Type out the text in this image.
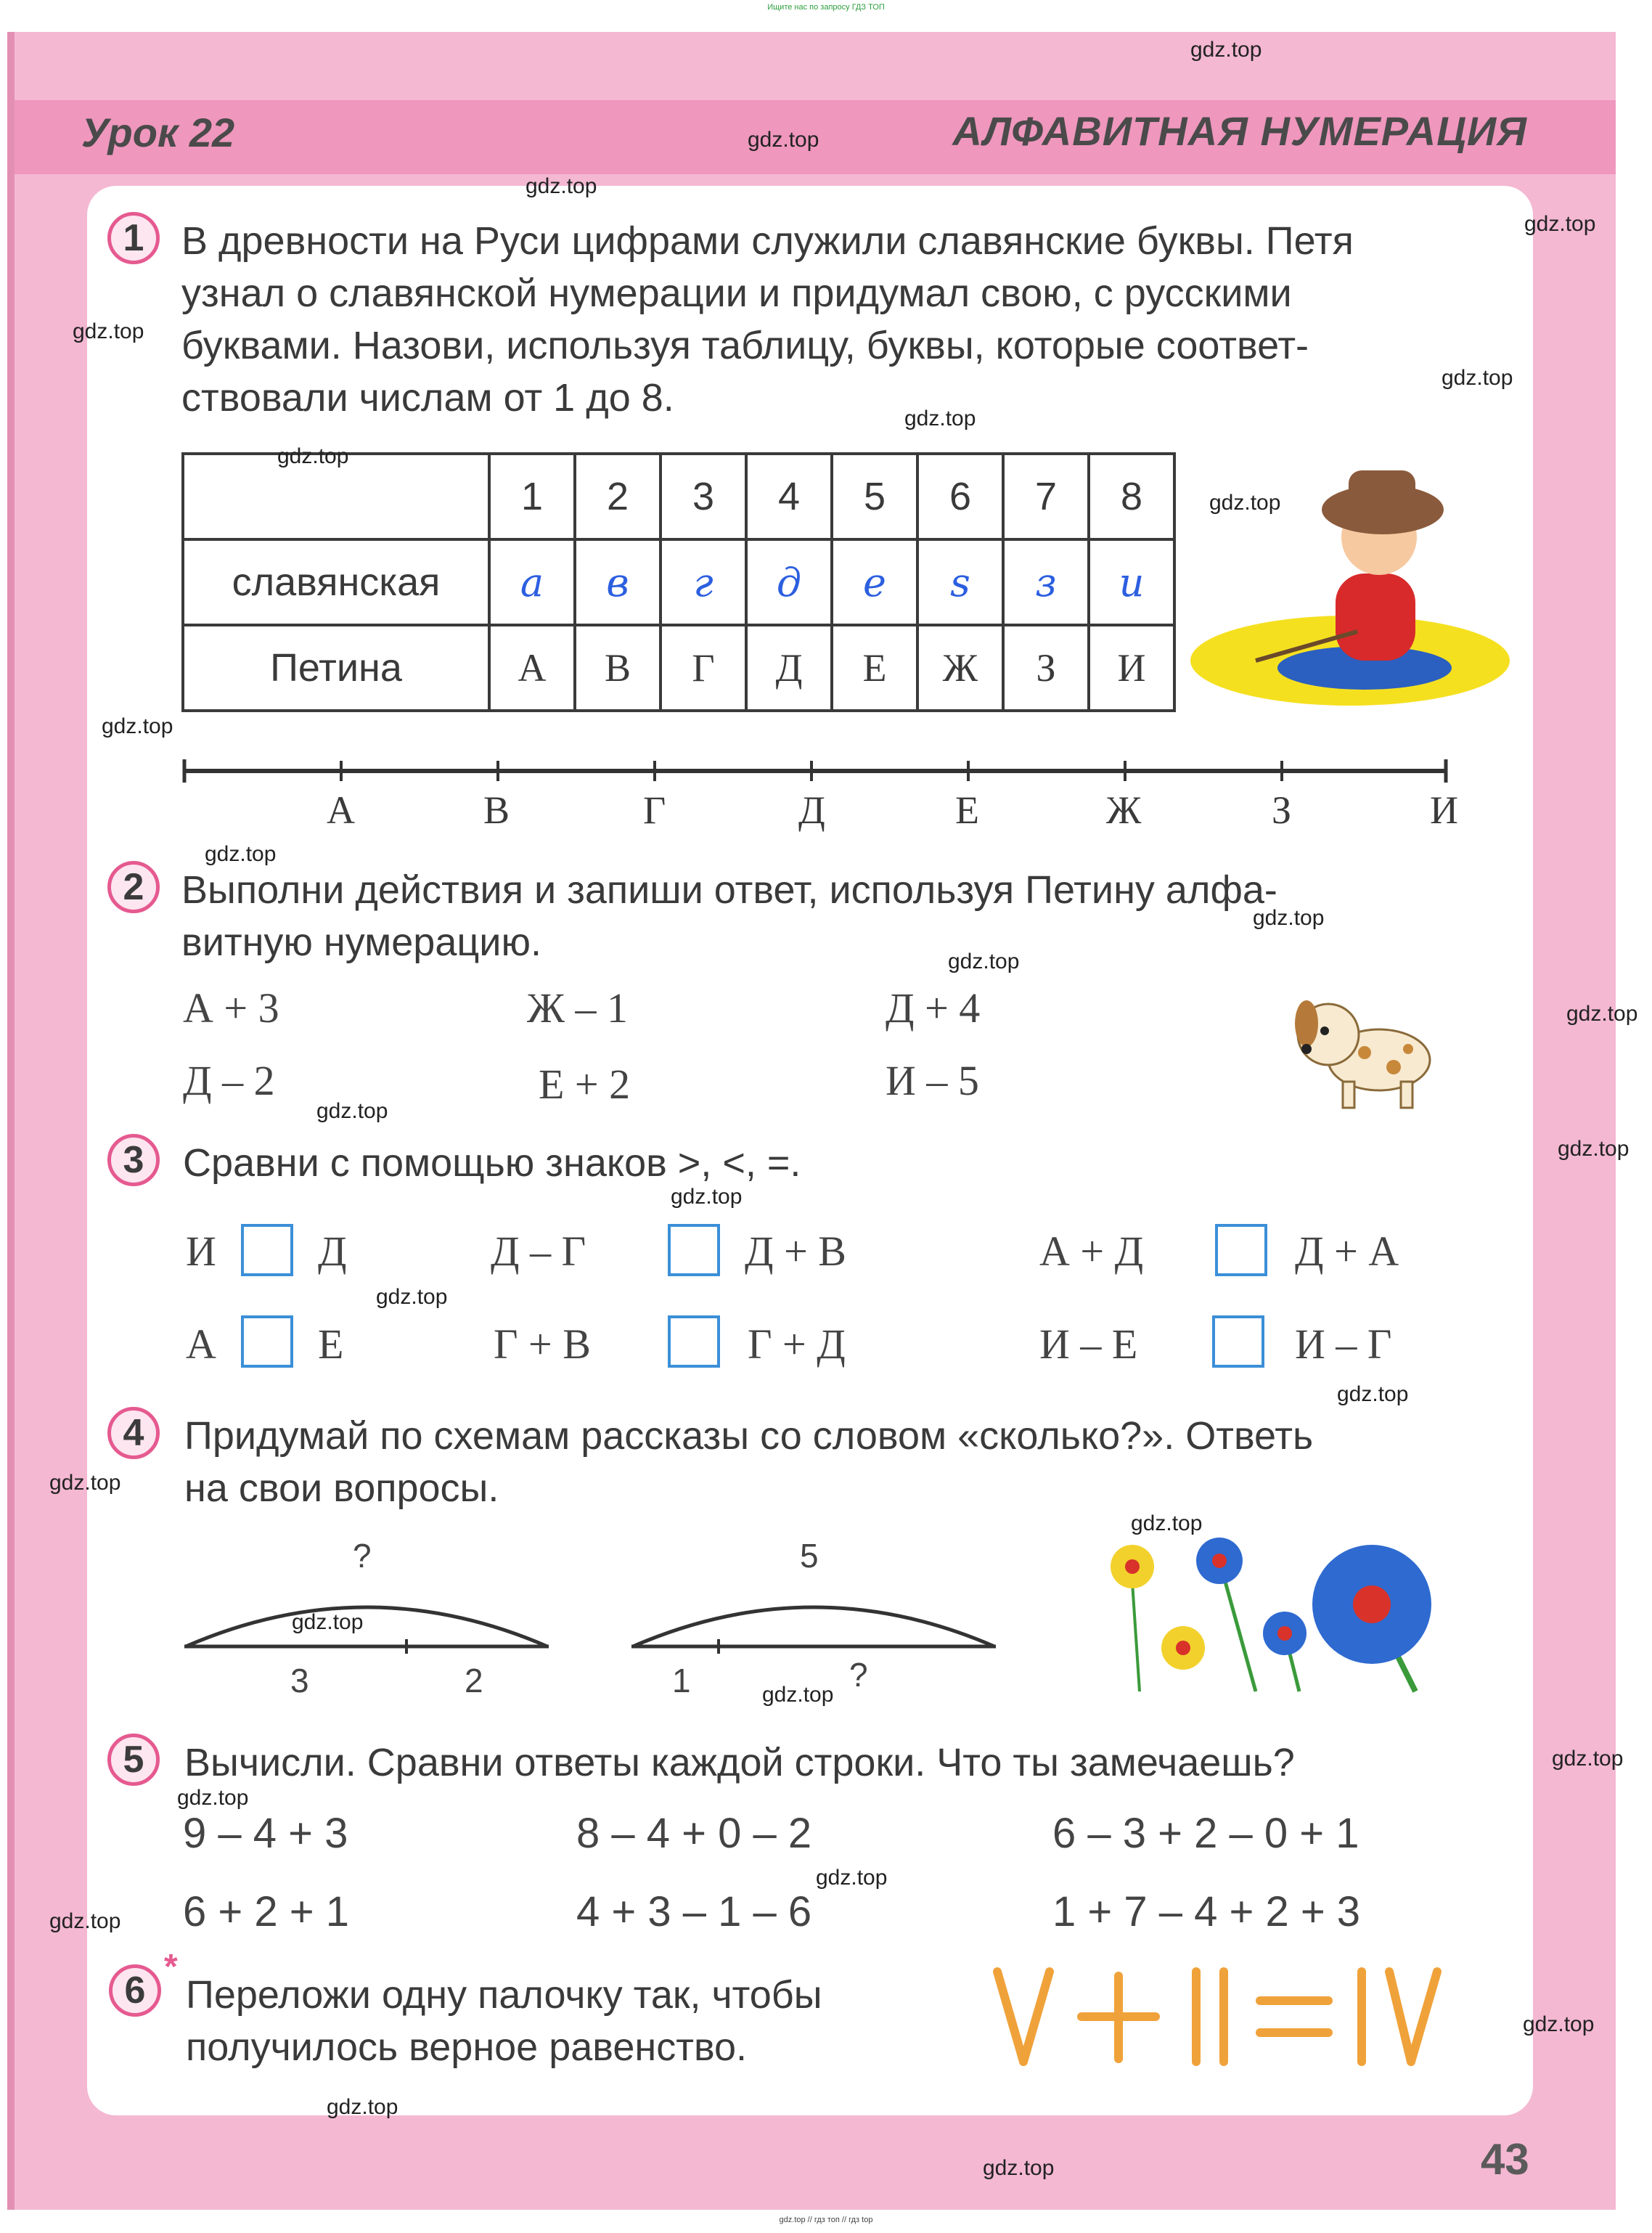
Ищите нас по запросу ГДЗ ТОП
Урок 22	АЛФАВИТНАЯ НУМЕРАЦИЯ
1 В древности на Руси цифрами служили славянские буквы. Петя
узнал о славянской нумерации и придумал свою, с русскими
буквами. Назови, используя таблицу, буквы, которые соответ-
ствовали числам от 1 до 8.
	1	2	3	4	5	6	7	8
славянская	а	в	г	д	е	ѕ	з	и
Петина	А	В	Г	Д	Е	Ж	З	И
А	В	Г	Д	Е	Ж	З	И
2 Выполни действия и запиши ответ, используя Петину алфа-
витную нумерацию.
А + 3	Ж – 1	Д + 4
Д – 2	Е + 2	И – 5
3 Сравни с помощью знаков >, <, =.
И Д	Д – Г	Д + В	А + Д	Д + А
А Е	Г + В	Г + Д	И – Е	И – Г
4	Придумай по схемам рассказы со словом «сколько?». Ответь
на свои вопросы.
?
3	2
5
1	?
5	Вычисли. Сравни ответы каждой строки. Что ты замечаешь?
9 – 4 + 3	8 – 4 + 0 – 2	6 – 3 + 2 – 0 + 1
6 + 2 + 1	4 + 3 – 1 – 6	1 + 7 – 4 + 2 + 3
6
*
Переложи одну палочку так, чтобы
получилось верное равенство.
43
gdz.top
gdz.top
gdz.top
gdz.top
gdz.top
gdz.top
gdz.top
gdz.top
gdz.top
gdz.top
gdz.top
gdz.top
gdz.top
gdz.top
gdz.top
gdz.top
gdz.top
gdz.top
gdz.top
gdz.top
gdz.top
gdz.top
gdz.top
gdz.top
gdz.top
gdz.top
gdz.top
gdz.top
gdz.top
gdz.top
gdz.top // гдз топ // гдз top
